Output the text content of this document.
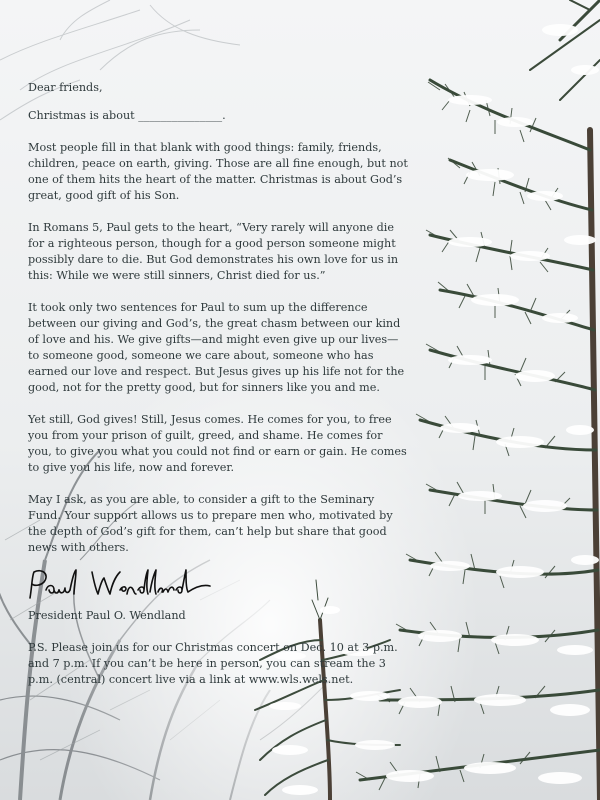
Dear friends,

Christmas is about _______________.

Most people fill in that blank with good things: family, friends, children, peace on earth, giving. Those are all fine enough, but not one of them hits the heart of the matter. Christmas is about God’s great, good gift of his Son.

In Romans 5, Paul gets to the heart, “Very rarely will anyone die for a righteous person, though for a good person someone might possibly dare to die. But God demonstrates his own love for us in this: While we were still sinners, Christ died for us.”

It took only two sentences for Paul to sum up the difference between our giving and God’s, the great chasm between our kind of love and his. We give gifts—and might even give up our lives—to someone good, someone we care about, someone who has earned our love and respect. But Jesus gives up his life not for the good, not for the pretty good, but for sinners like you and me.

Yet still, God gives! Still, Jesus comes. He comes for you, to free you from your prison of guilt, greed, and shame. He comes for you, to give you what you could not find or earn or gain. He comes to give you his life, now and forever.

May I ask, as you are able, to consider a gift to the Seminary Fund. Your support allows us to prepare men who, motivated by the depth of God’s gift for them, can’t help but share that good news with others.

President Paul O. Wendland

P.S. Please join us for our Christmas concert on Dec. 10 at 3 p.m. and 7 p.m. If you can’t be here in person, you can stream the 3 p.m. (central) concert live via a link at www.wls.wels.net.
